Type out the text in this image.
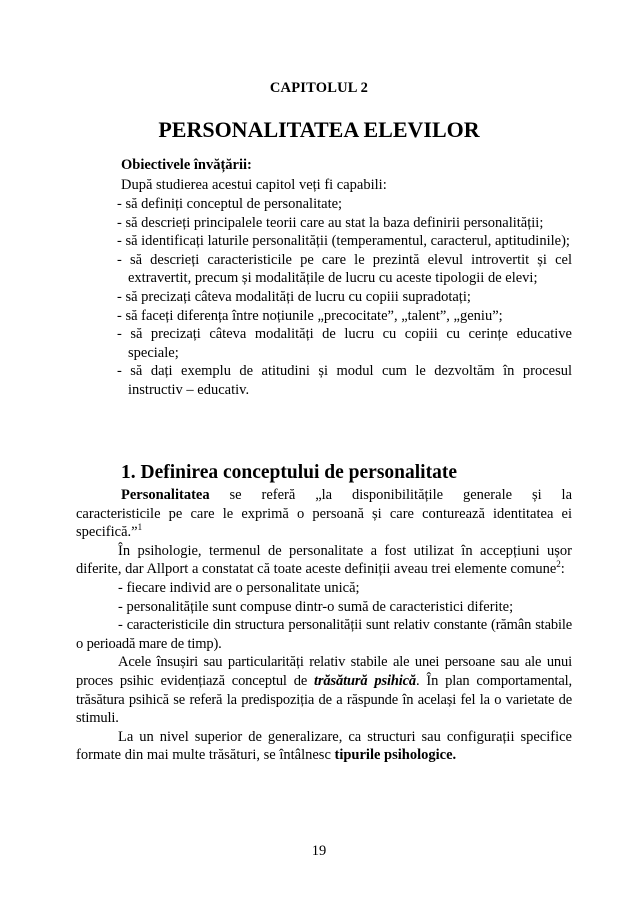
CAPITOLUL 2
PERSONALITATEA ELEVILOR
Obiectivele învățării:
După studierea acestui capitol veți fi capabili:
- să definiți conceptul de personalitate;
- să descrieți principalele teorii care au stat la baza definirii personalității;
- să identificați laturile personalității (temperamentul, caracterul, aptitudinile);
- să descrieți caracteristicile pe care le prezintă elevul introvertit și cel extravertit, precum și modalitățile de lucru cu aceste tipologii de elevi;
- să precizați câteva modalități de lucru cu copiii supradotați;
- să faceți diferența între noțiunile „precocitate”, „talent”, „geniu”;
- să precizați câteva modalități de lucru cu copiii cu cerințe educative speciale;
- să dați exemplu de atitudini și modul cum le dezvoltăm în procesul instructiv – educativ.
1. Definirea conceptului de personalitate

Personalitatea se referă „la disponibilitățile generale și la caracteristicile pe care le exprimă o persoană și care conturează identitatea ei specifică.”$^1$

În psihologie, termenul de personalitate a fost utilizat în accepțiuni ușor diferite, dar Allport a constatat că toate aceste definiții aveau trei elemente comune$^2$:

- fiecare individ are o personalitate unică;

- personalitățile sunt compuse dintr-o sumă de caracteristici diferite;

- caracteristicile din structura personalității sunt relativ constante (rămân stabile o perioadă mare de timp).

Acele însușiri sau particularități relativ stabile ale unei persoane sau ale unui proces psihic evidențiază conceptul de trăsătură psihică. În plan comportamental, trăsătura psihică se referă la predispoziția de a răspunde în același fel la o varietate de stimuli.

La un nivel superior de generalizare, ca structuri sau configurații specifice formate din mai multe trăsături, se întâlnesc tipurile psihologice.

19
